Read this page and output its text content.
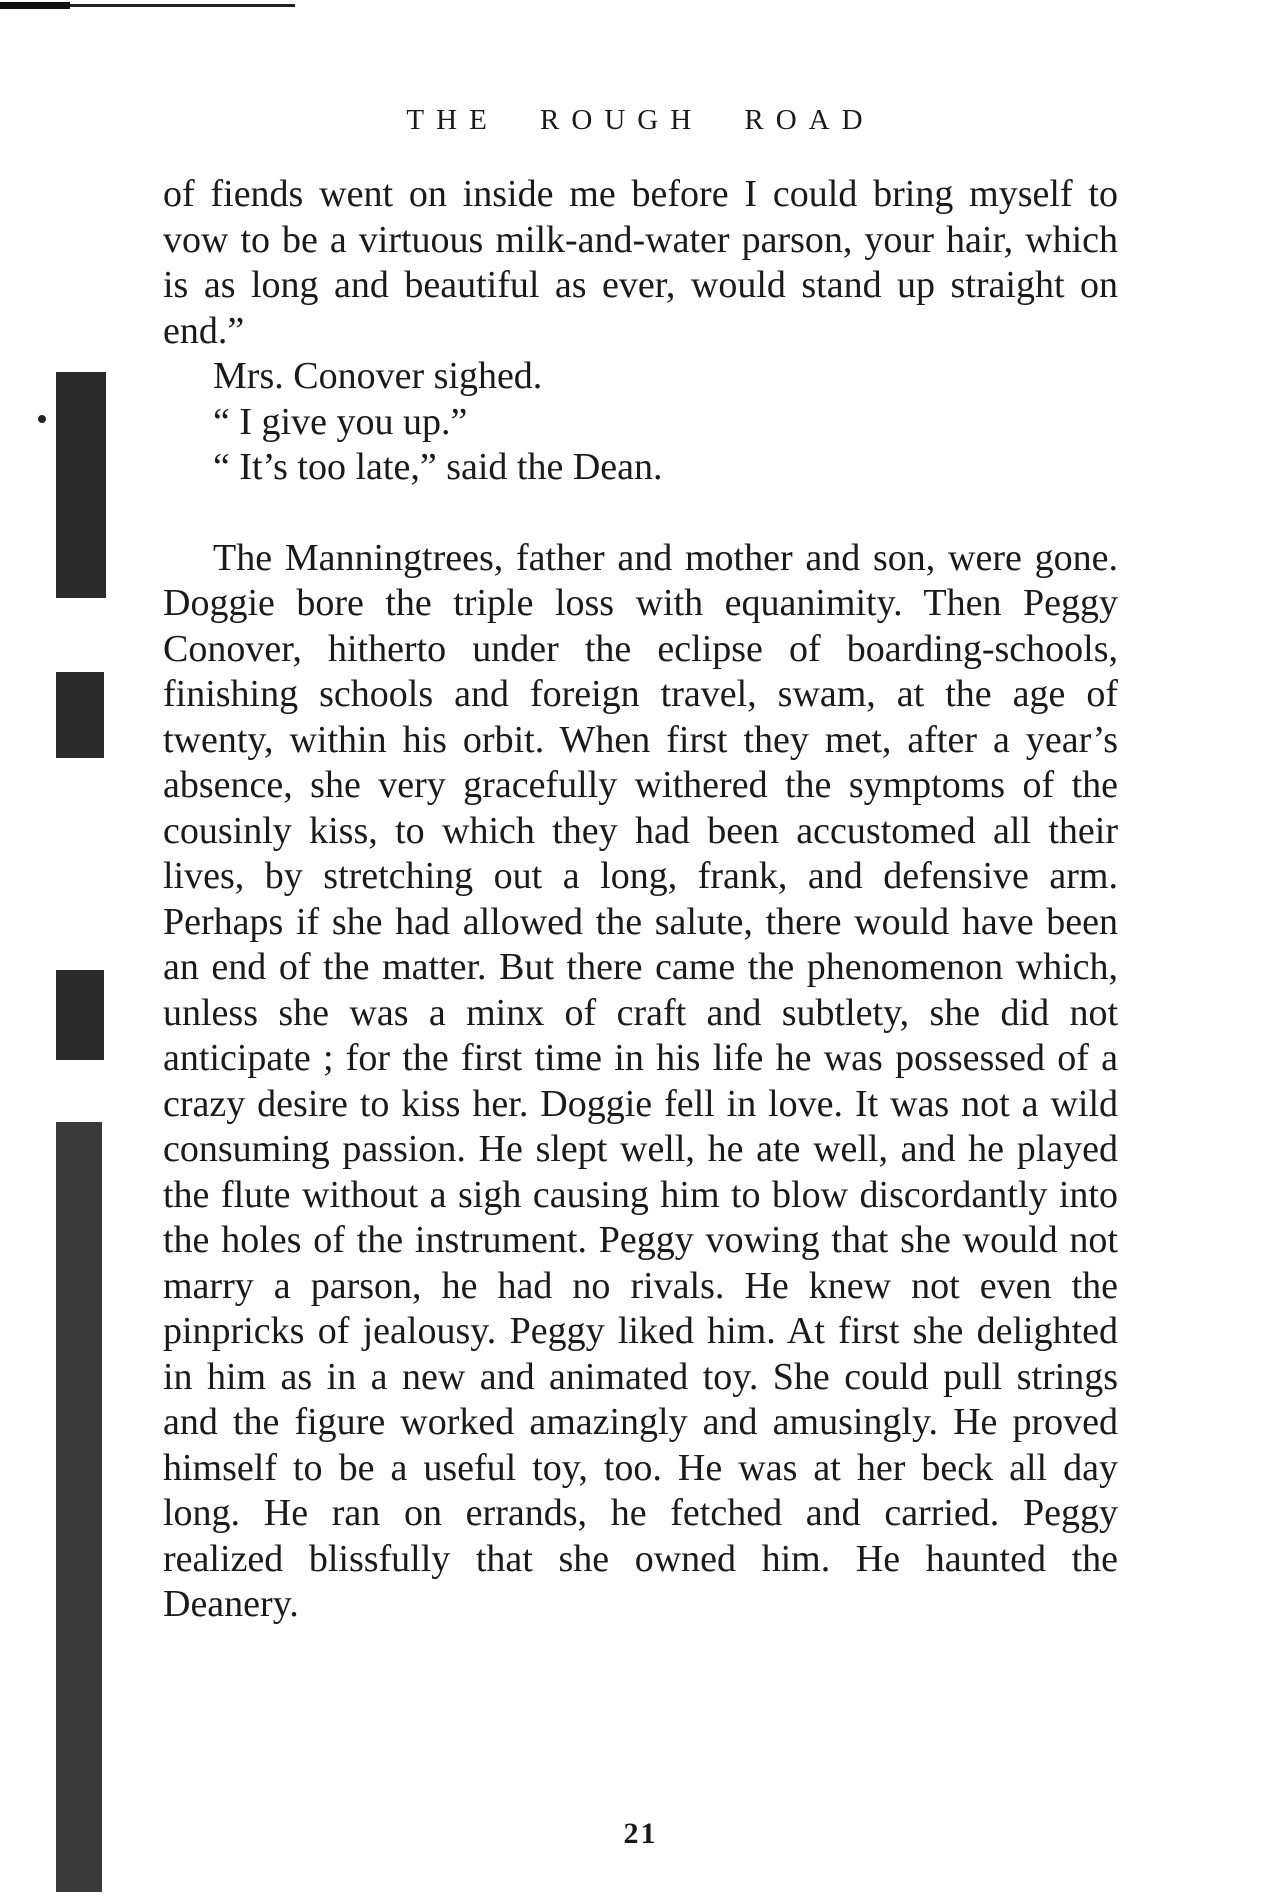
THE ROUGH ROAD

of fiends went on inside me before I could bring myself to vow to be a virtuous milk-and-water parson, your hair, which is as long and beautiful as ever, would stand up straight on end.”

Mrs. Conover sighed.

“ I give you up.”

“ It’s too late,” said the Dean.

The Manningtrees, father and mother and son, were gone. Doggie bore the triple loss with equanimity. Then Peggy Conover, hitherto under the eclipse of boarding-schools, finishing schools and foreign travel, swam, at the age of twenty, within his orbit. When first they met, after a year’s absence, she very gracefully withered the symptoms of the cousinly kiss, to which they had been accustomed all their lives, by stretching out a long, frank, and defensive arm. Perhaps if she had allowed the salute, there would have been an end of the matter. But there came the phenomenon which, unless she was a minx of craft and subtlety, she did not anticipate ; for the first time in his life he was possessed of a crazy desire to kiss her. Doggie fell in love. It was not a wild consuming passion. He slept well, he ate well, and he played the flute without a sigh causing him to blow discordantly into the holes of the instrument. Peggy vowing that she would not marry a parson, he had no rivals. He knew not even the pinpricks of jealousy. Peggy liked him. At first she delighted in him as in a new and animated toy. She could pull strings and the figure worked amazingly and amusingly. He proved himself to be a useful toy, too. He was at her beck all day long. He ran on errands, he fetched and carried. Peggy realized blissfully that she owned him. He haunted the Deanery.

21
